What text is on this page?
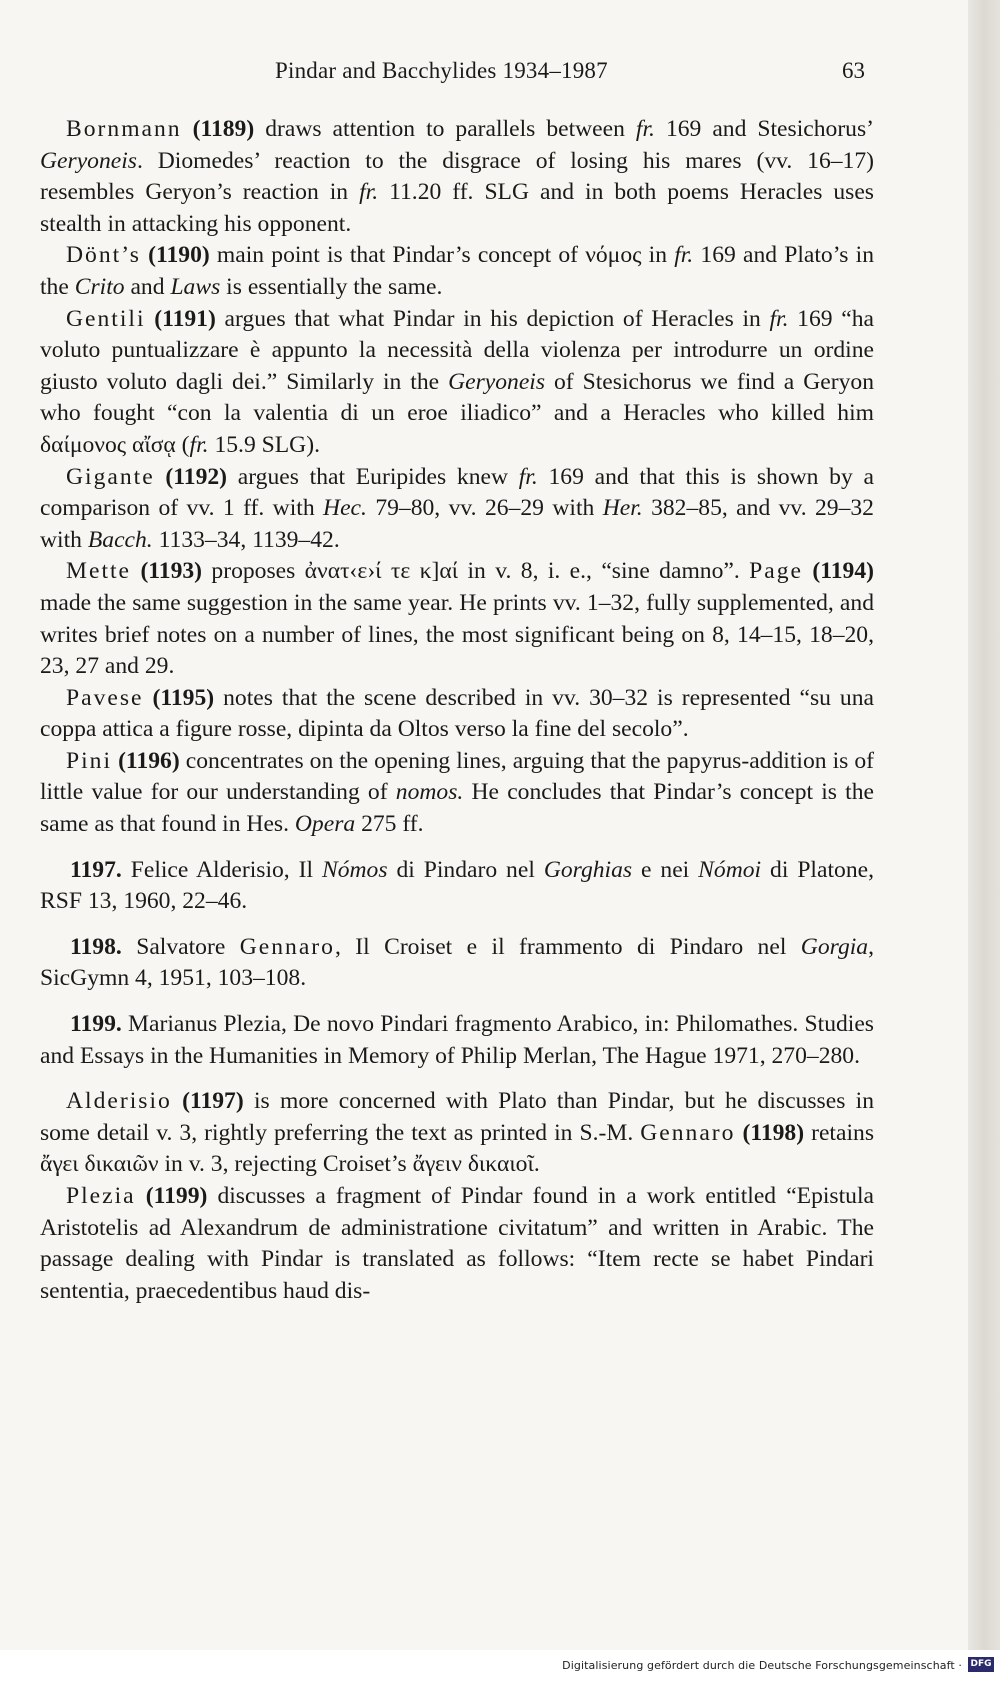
Pindar and Bacchylides 1934–1987	63

Bornmann (1189) draws attention to parallels between fr. 169 and Stesichorus’ Geryoneis. Diomedes’ reaction to the disgrace of losing his mares (vv. 16–17) resembles Geryon’s reaction in fr. 11.20 ff. SLG and in both poems Heracles uses stealth in attacking his opponent.

Dönt’s (1190) main point is that Pindar’s concept of νόμος in fr. 169 and Plato’s in the Crito and Laws is essentially the same.

Gentili (1191) argues that what Pindar in his depiction of Heracles in fr. 169 “ha voluto puntualizzare è appunto la necessità della violenza per introdurre un ordine giusto voluto dagli dei.” Similarly in the Geryoneis of Stesichorus we find a Geryon who fought “con la valentia di un eroe iliadico” and a Heracles who killed him δαίμονος αἴσᾳ (fr. 15.9 SLG).

Gigante (1192) argues that Euripides knew fr. 169 and that this is shown by a comparison of vv. 1 ff. with Hec. 79–80, vv. 26–29 with Her. 382–85, and vv. 29–32 with Bacch. 1133–34, 1139–42.

Mette (1193) proposes ἀνατ‹ε›ί τε κ]αί in v. 8, i. e., “sine damno”. Page (1194) made the same suggestion in the same year. He prints vv. 1–32, fully supplemented, and writes brief notes on a number of lines, the most significant being on 8, 14–15, 18–20, 23, 27 and 29.

Pavese (1195) notes that the scene described in vv. 30–32 is represented “su una coppa attica a figure rosse, dipinta da Oltos verso la fine del secolo”.

Pini (1196) concentrates on the opening lines, arguing that the papyrus-addition is of little value for our understanding of nomos. He concludes that Pindar’s concept is the same as that found in Hes. Opera 275 ff.

1197. Felice Alderisio, Il Nómos di Pindaro nel Gorghias e nei Nómoi di Platone, RSF 13, 1960, 22–46.

1198. Salvatore Gennaro, Il Croiset e il frammento di Pindaro nel Gorgia, SicGymn 4, 1951, 103–108.

1199. Marianus Plezia, De novo Pindari fragmento Arabico, in: Philomathes. Studies and Essays in the Humanities in Memory of Philip Merlan, The Hague 1971, 270–280.

Alderisio (1197) is more concerned with Plato than Pindar, but he discusses in some detail v. 3, rightly preferring the text as printed in S.-M. Gennaro (1198) retains ἄγει δικαιῶν in v. 3, rejecting Croiset’s ἄγειν δικαιοῖ.

Plezia (1199) discusses a fragment of Pindar found in a work entitled “Epistula Aristotelis ad Alexandrum de administratione civitatum” and written in Arabic. The passage dealing with Pindar is translated as follows: “Item recte se habet Pindari sententia, praecedentibus haud dis-

Digitalisierung gefördert durch die Deutsche Forschungsgemeinschaft · DFG
